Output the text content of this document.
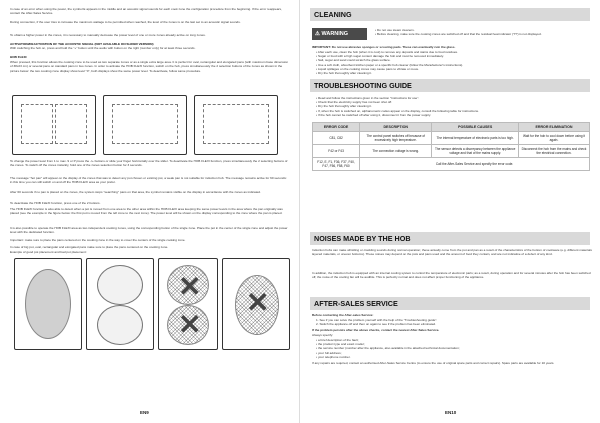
In case of an error when using the power, the symbol E appears in the middle and an acoustic signal sounds for each cook zone the configuration procedure from the beginning. If the error reappears, contact the After-Sales Service.
During connection, if the user tries to increase the maximum wattage to be permitted when reached, the level of the zones is on the last set to an acoustic signal sounds.
To obtain a higher power in the zones, it is necessary to manually decrease the power level of one or more zones already active on long zones.
ACTIVATION/DEACTIVATION OF THE ACOUSTIC SIGNAL (NOT AVAILABLE ON SLIDER VERSION)
With switching the hob on, press and hold the "+" button until the audio with button on the right (number only) for at least three seconds.
HOB FLEXI
When pressed, this function allows the cooking zone to be used as two separate zones or as a single extra large area. It is perfect for oval, rectangular and elongated pans (with maximum base dimension of 38x23 cm) or several pans on standard pans in two zones. In order to activate the HOB FLEXI function, switch on the hob, press simultaneously the 2 selection buttons of the zones as shown in the picture below: the two cooking zone display show level "0", both displays show the same power level. To deactivate, follow same procedure.
To change the power level from 1 to max. 9 or P press the -/+ buttons or slide your finger horizontally over the slider. To deactivate the HOB FLEXI function, press simultaneously the 2 selecting buttons of the zones. To switch off the zones instantly, hold one of the zones selection button for 3 seconds.
The message "hot pan" will appear on the display of the zones that was to detect any pot chosen or existing pot, a weak pan is not suitable for induction hob. The message remains active for 60 seconds: in this time you can still switch on and off the HOB FLEXI area as your prefer.
After 60 seconds if no pan is placed on the zones, the system stops "searching" pans on that area, the symbol remains visible on the display in accordance with the zones as indicated.
To deactivate the HOB FLEXI function, press one of the 2 buttons.
The HOB FLEXI function is also able to detect when a pot is moved from one area to the other area within the HOB FLEXI area keeping the same power levels in the area where the pan originally was placed (see the example in the figure below: the first pot is moved from the left zone to the next zone). The power level will be shown on the display corresponding to the zone where the pan is placed.
It is also possible to operate the HOB FLEXI area as two independent cooking zones, using the corresponding button of the single zone. Place the pot in the center of the single zone and adjust the power level with the dedicated function.
Important: make sure to place the pans centered on the cooking zone in the way to cover the centers of the single cooking zone.
In case of big pot, oval, rectangular and elongated pans make sure to place the pans centered on the cooking zone.
Example of good pot placement and bad pot placement:
✕
✕
✕
EN9
CLEANING
⚠ WARNING
• Do not use steam cleaners.
• Before cleaning, make sure the cooking zones are switched off and that the residual heat indicator ("H") is not displayed.
IMPORTANT: Do not use abrasive sponges or scouring pads. These can eventually ruin the glass.
• After each use, clean the hob (when it is cool) to remove any deposits and stains due to food residues.
• Sugar or food with a high sugar content damage the hob and must be removed immediately.
• Salt, sugar and sand could scratch the glass surface.
• Use a soft cloth, absorbent kitchen paper or a specific hob cleaner (follow the Manufacturer's instructions).
• Liquid spillages on the cooking zones may cause pans to vibrate or move.
• Dry the hob thoroughly after cleaning it.
TROUBLESHOOTING GUIDE
• Read and follow the instructions given in the section "Instructions for use".
• Check that the electricity supply has not been shut off.
• Dry the hob thoroughly after cleaning it.
• If, when the hob is switched on, alphanumeric codes appear on the display, consult the following table for instructions.
• If the hob cannot be switched off after using it, disconnect it from the power supply.
ERROR CODE	DESCRIPTION	POSSIBLE CAUSES	ERROR ELIMINATION
C81, C82	The control panel switches off because of excessively high temperature.	The internal temperature of electronic parts is too high.	Wait for the hob to cool down before using it again.
F42 or F43	The connection voltage is wrong.	The sensor detects a discrepancy between the appliance voltage and that of the mains supply.	Disconnect the hob from the mains and check the electrical connection.
F12, E, F1, F36, F37, F40, F47, F56, F58, F60	Call the After-Sales Service and specify the error code.		
NOISES MADE BY THE HOB
Induction hobs can make whistling or crackling sounds during normal operation; these actually come from the pot and pan as a result of the characteristics of the bottom of cookware (e.g. different materials layered materials, or uneven bottoms). These noises may depend on the pots and pans used and the amount of food they contain, and are not indicative of a defect of any kind.
In addition, the induction hob is equipped with an internal cooling system to control the temperature of electronic parts; as a result, during operation and for several minutes after the hob has been switched off, the noise of the cooling fan will be audible. This is perfectly normal and does not affect proper functioning of the appliance.
AFTER-SALES SERVICE
Before contacting the After-sales Service:
1. See if you can solve the problem yourself with the help of the "Troubleshooting guide".
2. Switch the appliance off and then on again to see if the problem has been eliminated.
If the problem persists after the above checks, contact the nearest After-Sales Service.
Always specify:
• a brief description of the fault;
• the product type and exact model;
• the service number (number after the appliance, also available in the attached technical documentation;
• your full address;
• your telephone number.
If any repairs are required, contact an authorised After-Sales Service Centre (to ensure the use of original spare parts and correct repairs). Spare parts are available for 10 years.
EN10
